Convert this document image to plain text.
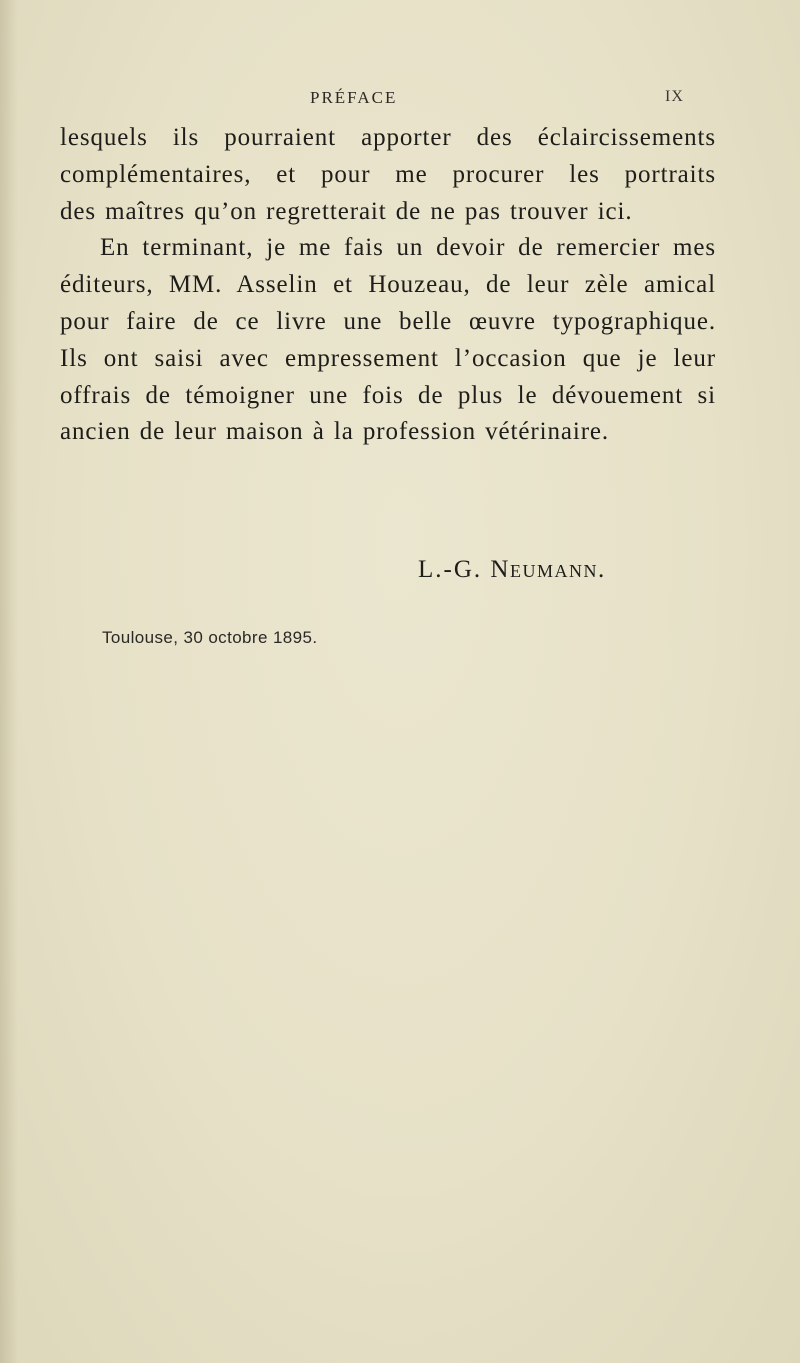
PRÉFACE	IX
lesquels ils pourraient apporter des éclaircissements
complémentaires, et pour me procurer les portraits
des maîtres qu’on regretterait de ne pas trouver ici.
En terminant, je me fais un devoir de remercier mes
éditeurs, MM. Asselin et Houzeau, de leur zèle amical
pour faire de ce livre une belle œuvre typographique.
Ils ont saisi avec empressement l’occasion que je leur
offrais de témoigner une fois de plus le dévouement si
ancien de leur maison à la profession vétérinaire.
L.-G. Neumann.
Toulouse, 30 octobre 1895.
